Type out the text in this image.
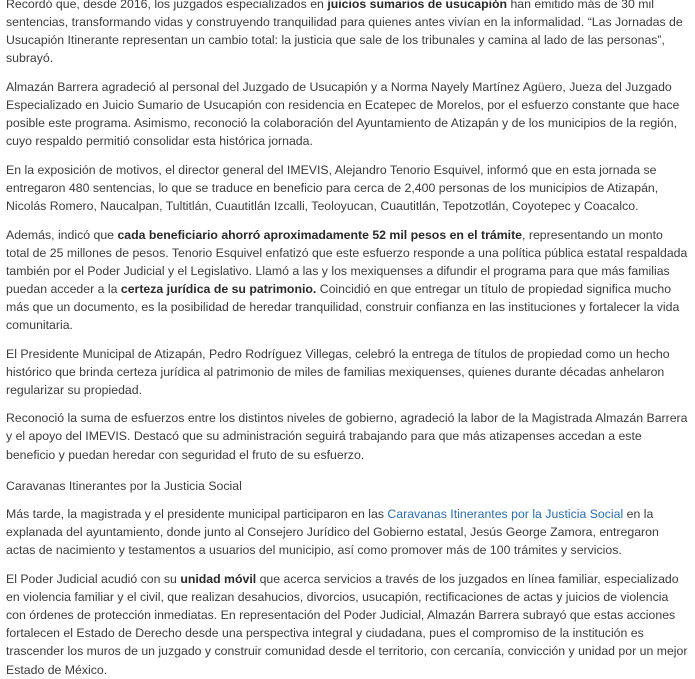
Recordó que, desde 2016, los juzgados especializados en juicios sumarios de usucapión han emitido más de 30 mil sentencias, transformando vidas y construyendo tranquilidad para quienes antes vivían en la informalidad. “Las Jornadas de Usucapión Itinerante representan un cambio total: la justicia que sale de los tribunales y camina al lado de las personas”, subrayó.

Almazán Barrera agradeció al personal del Juzgado de Usucapión y a Norma Nayely Martínez Agüero, Jueza del Juzgado Especializado en Juicio Sumario de Usucapión con residencia en Ecatepec de Morelos, por el esfuerzo constante que hace posible este programa. Asimismo, reconoció la colaboración del Ayuntamiento de Atizapán y de los municipios de la región, cuyo respaldo permitió consolidar esta histórica jornada.

En la exposición de motivos, el director general del IMEVIS, Alejandro Tenorio Esquivel, informó que en esta jornada se entregaron 480 sentencias, lo que se traduce en beneficio para cerca de 2,400 personas de los municipios de Atizapán, Nicolás Romero, Naucalpan, Tultitlán, Cuautitlán Izcalli, Teoloyucan, Cuautitlán, Tepotzotlán, Coyotepec y Coacalco.

Además, indicó que cada beneficiario ahorró aproximadamente 52 mil pesos en el trámite, representando un monto total de 25 millones de pesos. Tenorio Esquivel enfatizó que este esfuerzo responde a una política pública estatal respaldada también por el Poder Judicial y el Legislativo. Llamó a las y los mexiquenses a difundir el programa para que más familias puedan acceder a la certeza jurídica de su patrimonio. Coincidió en que entregar un título de propiedad significa mucho más que un documento, es la posibilidad de heredar tranquilidad, construir confianza en las instituciones y fortalecer la vida comunitaria.

El Presidente Municipal de Atizapán, Pedro Rodríguez Villegas, celebró la entrega de títulos de propiedad como un hecho histórico que brinda certeza jurídica al patrimonio de miles de familias mexiquenses, quienes durante décadas anhelaron regularizar su propiedad.

Reconoció la suma de esfuerzos entre los distintos niveles de gobierno, agradeció la labor de la Magistrada Almazán Barrera y el apoyo del IMEVIS. Destacó que su administración seguirá trabajando para que más atizapenses accedan a este beneficio y puedan heredar con seguridad el fruto de su esfuerzo.

Caravanas Itinerantes por la Justicia Social

Más tarde, la magistrada y el presidente municipal participaron en las Caravanas Itinerantes por la Justicia Social en la explanada del ayuntamiento, donde junto al Consejero Jurídico del Gobierno estatal, Jesús George Zamora, entregaron actas de nacimiento y testamentos a usuarios del municipio, así como promover más de 100 trámites y servicios.

El Poder Judicial acudió con su unidad móvil que acerca servicios a través de los juzgados en línea familiar, especializado en violencia familiar y el civil, que realizan desahucios, divorcios, usucapión, rectificaciones de actas y juicios de violencia con órdenes de protección inmediatas. En representación del Poder Judicial, Almazán Barrera subrayó que estas acciones fortalecen el Estado de Derecho desde una perspectiva integral y ciudadana, pues el compromiso de la institución es trascender los muros de un juzgado y construir comunidad desde el territorio, con cercanía, convicción y unidad por un mejor Estado de México.
